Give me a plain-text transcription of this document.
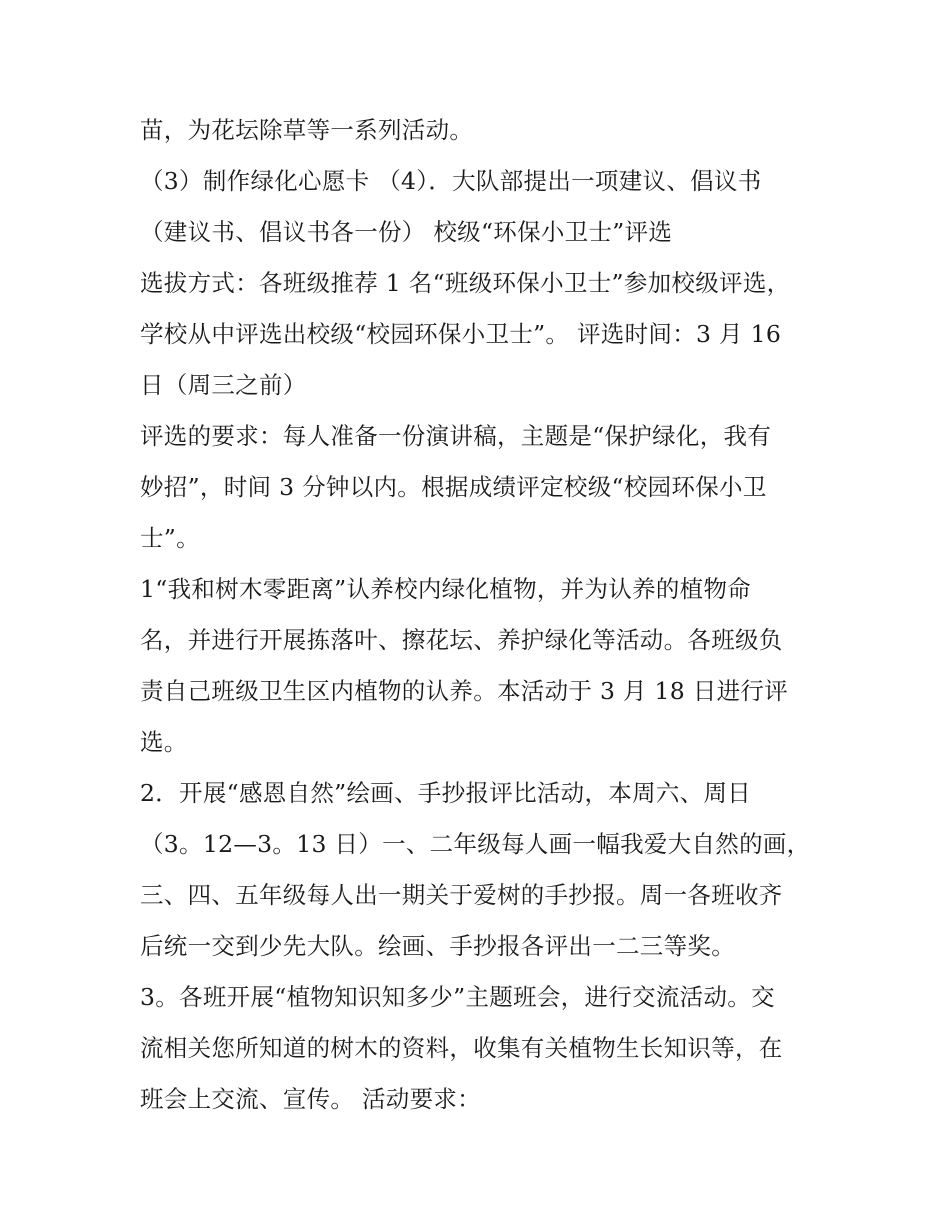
苗，为花坛除草等一系列活动。
（3）制作绿化心愿卡 （4）．大队部提出一项建议、倡议书
（建议书、倡议书各一份） 校级“环保小卫士”评选
选拔方式：各班级推荐 1 名“班级环保小卫士”参加校级评选，
学校从中评选出校级“校园环保小卫士”。 评选时间：3 月 16
日（周三之前）
评选的要求：每人准备一份演讲稿，主题是“保护绿化，我有
妙招”，时间 3 分钟以内。根据成绩评定校级“校园环保小卫
士”。
1“我和树木零距离”认养校内绿化植物，并为认养的植物命
名，并进行开展拣落叶、擦花坛、养护绿化等活动。各班级负
责自己班级卫生区内植物的认养。本活动于 3 月 18 日进行评
选。
2．开展“感恩自然”绘画、手抄报评比活动，本周六、周日
（3。12—3。13 日）一、二年级每人画一幅我爱大自然的画，
三、四、五年级每人出一期关于爱树的手抄报。周一各班收齐
后统一交到少先大队。绘画、手抄报各评出一二三等奖。
3。各班开展“植物知识知多少”主题班会，进行交流活动。交
流相关您所知道的树木的资料，收集有关植物生长知识等，在
班会上交流、宣传。 活动要求：
